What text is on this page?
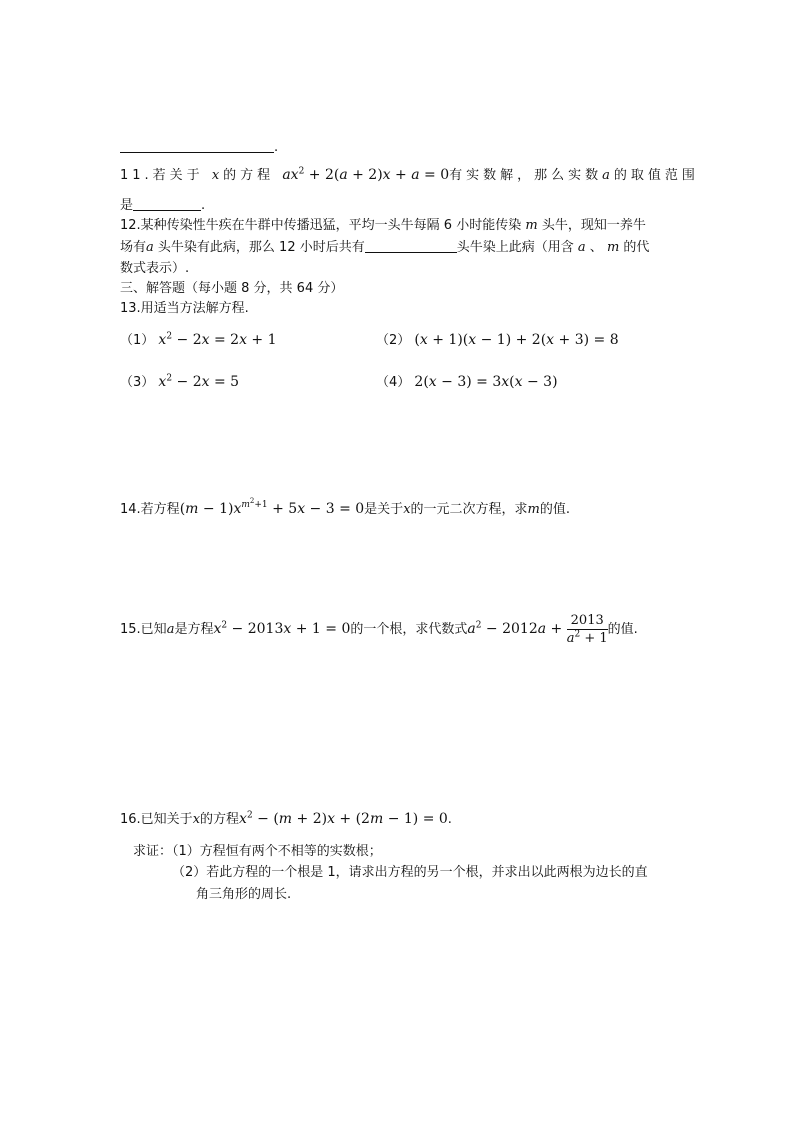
.
11.若关于 x的方程 $ax^2 + 2(a + 2)x + a = 0$有实数解，那么实数a的取值范围
是	.
12.某种传染性牛疾在牛群中传播迅猛，平均一头牛每隔 6 小时能传染 m 头牛，现知一养牛
场有a 头牛染有此病，那么 12 小时后共有	头牛染上此病（用含 a 、 m 的代
数式表示）.
三、解答题（每小题 8 分，共 64 分）
13.用适当方法解方程.
（1） $x^2 - 2x = 2x + 1$	（2） (x + 1)(x − 1) + 2(x + 3) = 8
（3） $x^2 - 2x = 5$	（4） 2(x − 3) = 3x(x − 3)
14.若方程$(m - 1)x^{m^2+1} + 5x - 3 = 0$是关于x的一元二次方程，求m的值.
15.已知a是方程$x^2 - 2013x + 1 = 0$的一个根，求代数式$a^2 - 2012a + \frac{2013}{a^2 + 1}$ 的值.
16.已知关于x的方程$x^2 - (m + 2)x + (2m - 1) = 0$.
求证：（1）方程恒有两个不相等的实数根；
（2）若此方程的一个根是 1，请求出方程的另一个根，并求出以此两根为边长的直
角三角形的周长.
